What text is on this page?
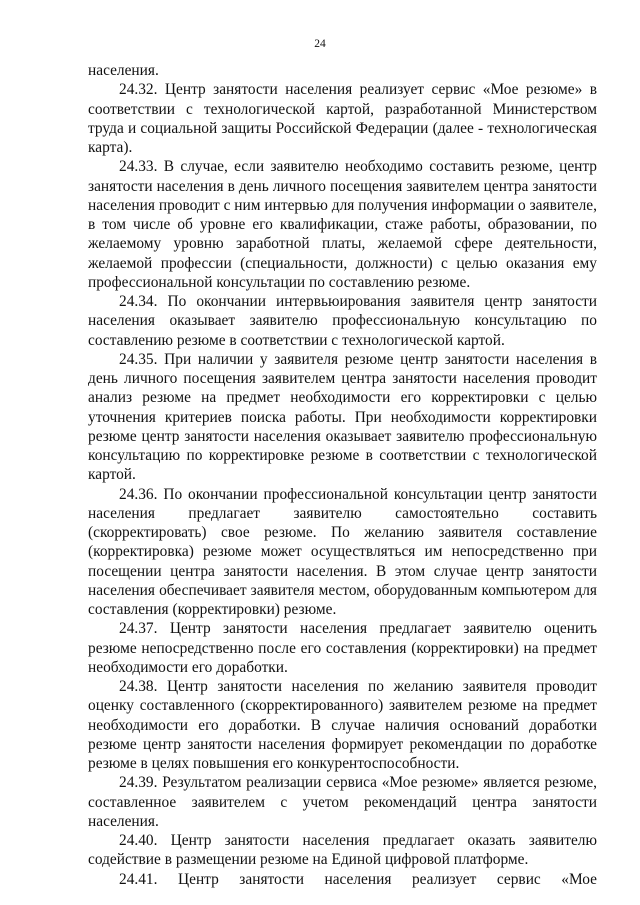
24

населения.

24.32. Центр занятости населения реализует сервис «Мое резюме» в соответствии с технологической картой, разработанной Министерством труда и социальной защиты Российской Федерации (далее - технологическая карта).

24.33. В случае, если заявителю необходимо составить резюме, центр занятости населения в день личного посещения заявителем центра занятости населения проводит с ним интервью для получения информации о заявителе, в том числе об уровне его квалификации, стаже работы, образовании, по желаемому уровню заработной платы, желаемой сфере деятельности, желаемой профессии (специальности, должности) с целью оказания ему профессиональной консультации по составлению резюме.

24.34. По окончании интервьюирования заявителя центр занятости населения оказывает заявителю профессиональную консультацию по составлению резюме в соответствии с технологической картой.

24.35. При наличии у заявителя резюме центр занятости населения в день личного посещения заявителем центра занятости населения проводит анализ резюме на предмет необходимости его корректировки с целью уточнения критериев поиска работы. При необходимости корректировки резюме центр занятости населения оказывает заявителю профессиональную консультацию по корректировке резюме в соответствии с технологической картой.

24.36. По окончании профессиональной консультации центр занятости населения предлагает заявителю самостоятельно составить (скорректировать) свое резюме. По желанию заявителя составление (корректировка) резюме может осуществляться им непосредственно при посещении центра занятости населения. В этом случае центр занятости населения обеспечивает заявителя местом, оборудованным компьютером для составления (корректировки) резюме.

24.37. Центр занятости населения предлагает заявителю оценить резюме непосредственно после его составления (корректировки) на предмет необходимости его доработки.

24.38. Центр занятости населения по желанию заявителя проводит оценку составленного (скорректированного) заявителем резюме на предмет необходимости его доработки. В случае наличия оснований доработки резюме центр занятости населения формирует рекомендации по доработке резюме в целях повышения его конкурентоспособности.

24.39. Результатом реализации сервиса «Мое резюме» является резюме, составленное заявителем с учетом рекомендаций центра занятости населения.

24.40. Центр занятости населения предлагает оказать заявителю содействие в размещении резюме на Единой цифровой платформе.

24.41. Центр занятости населения реализует сервис «Мое
